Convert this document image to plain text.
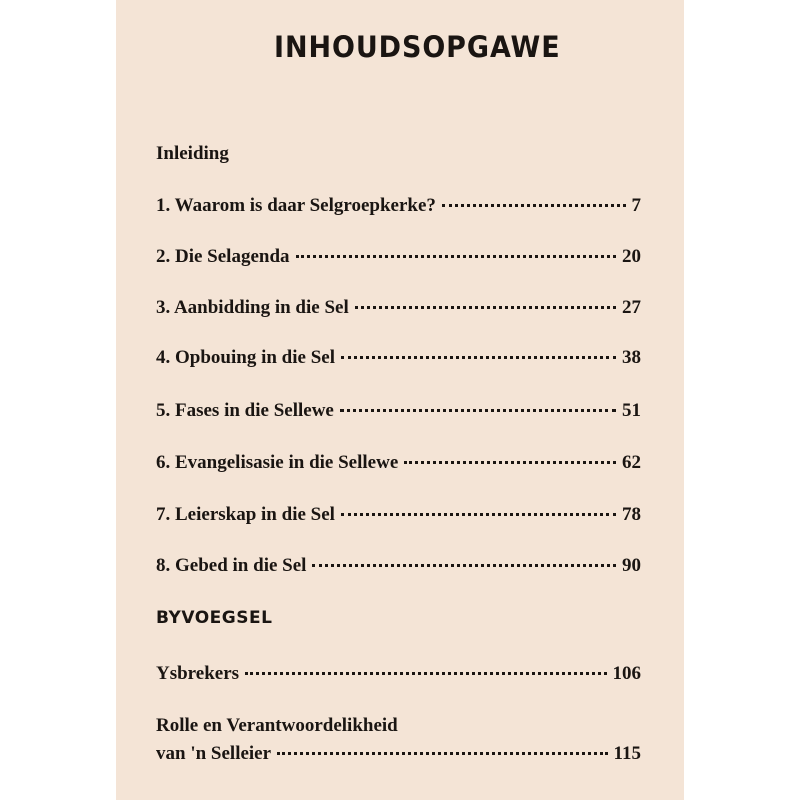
INHOUDSOPGAWE
Inleiding
1. Waarom is daar Selgroepkerke?	7
2. Die Selagenda	20
3. Aanbidding in die Sel	27
4. Opbouing in die Sel	38
5. Fases in die Sellewe	51
6. Evangelisasie in die Sellewe	62
7. Leierskap in die Sel	78
8. Gebed in die Sel	90
BYVOEGSEL
Ysbrekers	106
Rolle en Verantwoordelikheid
van 'n Selleier	115
